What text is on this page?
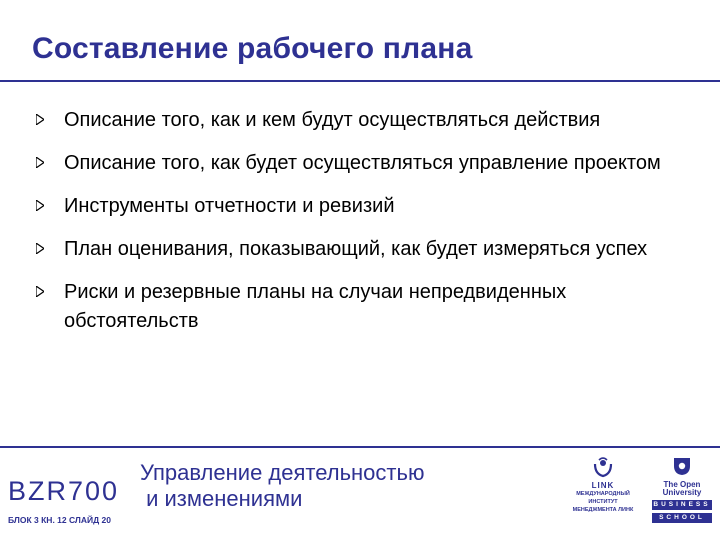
Составление рабочего плана
Описание того, как и кем будут осуществляться действия
Описание того, как будет осуществляться управление проектом
Инструменты отчетности и ревизий
План оценивания, показывающий, как будет измеряться успех
Риски и резервные планы на случаи непредвиденных обстоятельств
BZR700
БЛОК 3 КН. 12 СЛАЙД 20
Управление деятельностью
и изменениями
LINK
МЕЖДУНАРОДНЫЙ ИНСТИТУТ МЕНЕДЖМЕНТА ЛИНК
The Open University
BUSINESS
SCHOOL
